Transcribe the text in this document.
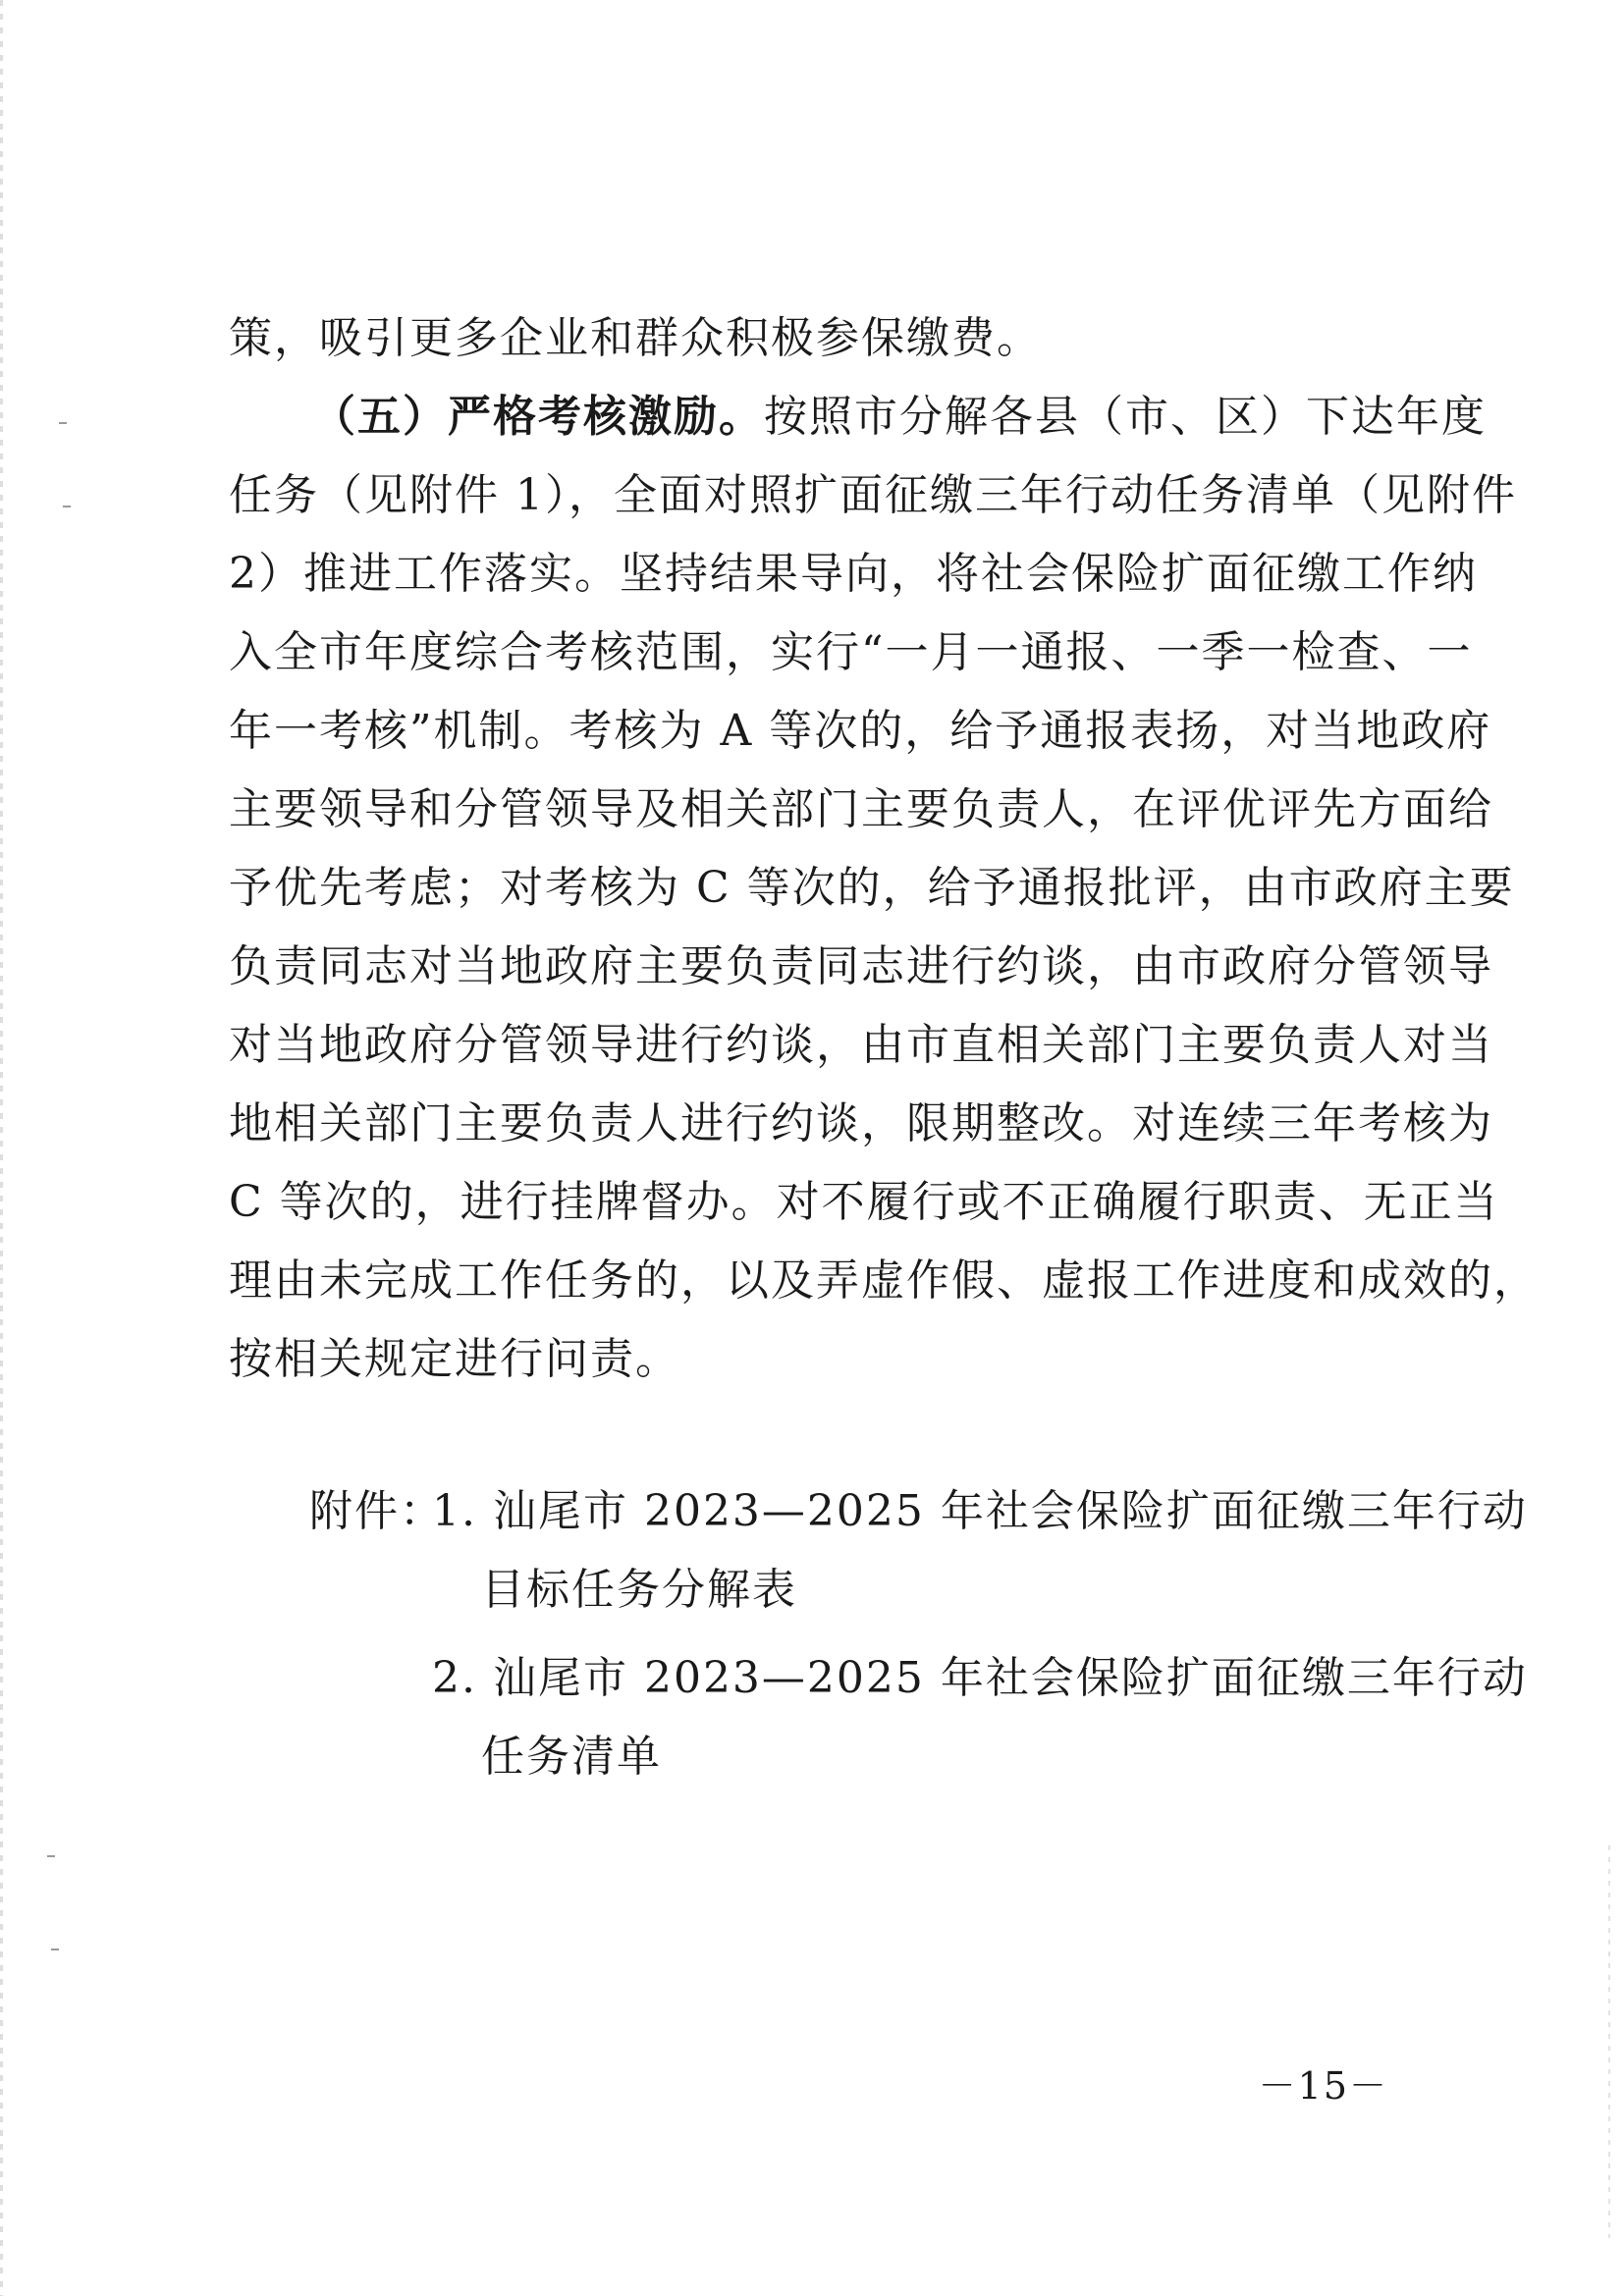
策，吸引更多企业和群众积极参保缴费。
（五）严格考核激励。按照市分解各县（市、区）下达年度
任务（见附件 1），全面对照扩面征缴三年行动任务清单（见附件
2）推进工作落实。坚持结果导向，将社会保险扩面征缴工作纳
入全市年度综合考核范围，实行“一月一通报、一季一检查、一
年一考核”机制。考核为 A 等次的，给予通报表扬，对当地政府
主要领导和分管领导及相关部门主要负责人，在评优评先方面给
予优先考虑；对考核为 C 等次的，给予通报批评，由市政府主要
负责同志对当地政府主要负责同志进行约谈，由市政府分管领导
对当地政府分管领导进行约谈，由市直相关部门主要负责人对当
地相关部门主要负责人进行约谈，限期整改。对连续三年考核为
C 等次的，进行挂牌督办。对不履行或不正确履行职责、无正当
理由未完成工作任务的，以及弄虚作假、虚报工作进度和成效的，
按相关规定进行问责。
附件：
1. 汕尾市 2023—2025 年社会保险扩面征缴三年行动
目标任务分解表
2. 汕尾市 2023—2025 年社会保险扩面征缴三年行动
任务清单
－15－
